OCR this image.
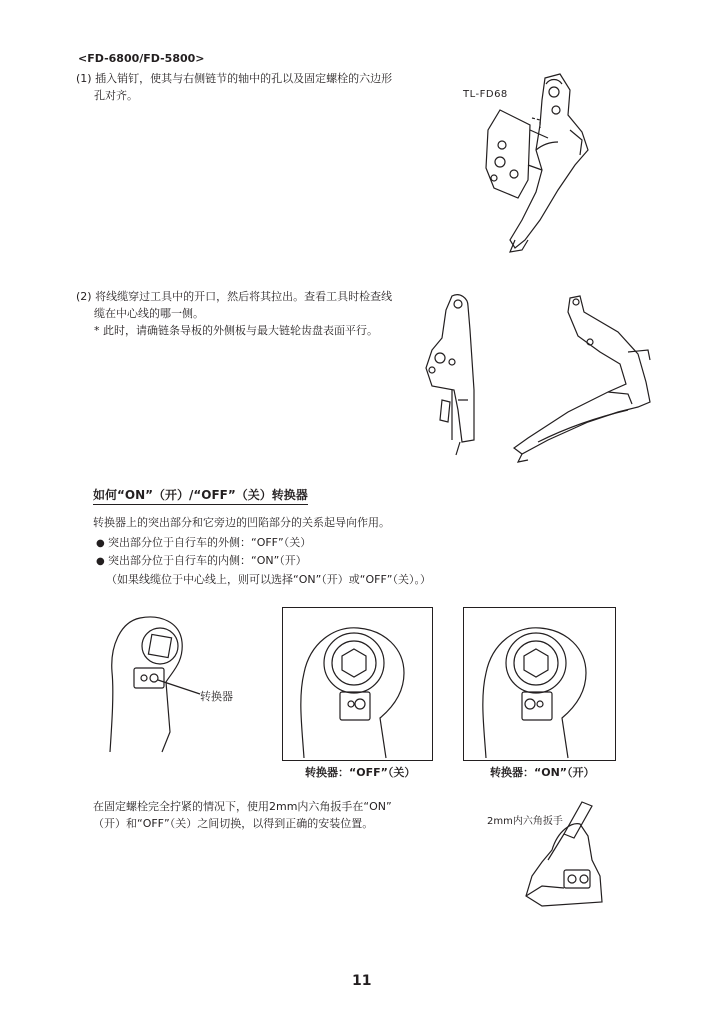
<FD-6800/FD-5800>
(1) 插入销钉，使其与右侧链节的轴中的孔以及固定螺栓的六边形
孔对齐。	TL-FD68
(2) 将线缆穿过工具中的开口，然后将其拉出。查看工具时检查线
缆在中心线的哪一侧。
* 此时，请确链条导板的外侧板与最大链轮齿盘表面平行。
如何“ON”（开）/“OFF”（关）转换器
转换器上的突出部分和它旁边的凹陷部分的关系起导向作用。
● 突出部分位于自行车的外侧：“OFF”（关）
● 突出部分位于自行车的内侧：“ON”（开）
（如果线缆位于中心线上，则可以选择“ON”（开）或“OFF”（关）。）
转换器
转换器：“OFF”（关）	转换器：“ON”（开）
在固定螺栓完全拧紧的情况下，使用2mm内六角扳手在“ON”
（开）和“OFF”（关）之间切换，以得到正确的安装位置。	2mm内六角扳手
11
